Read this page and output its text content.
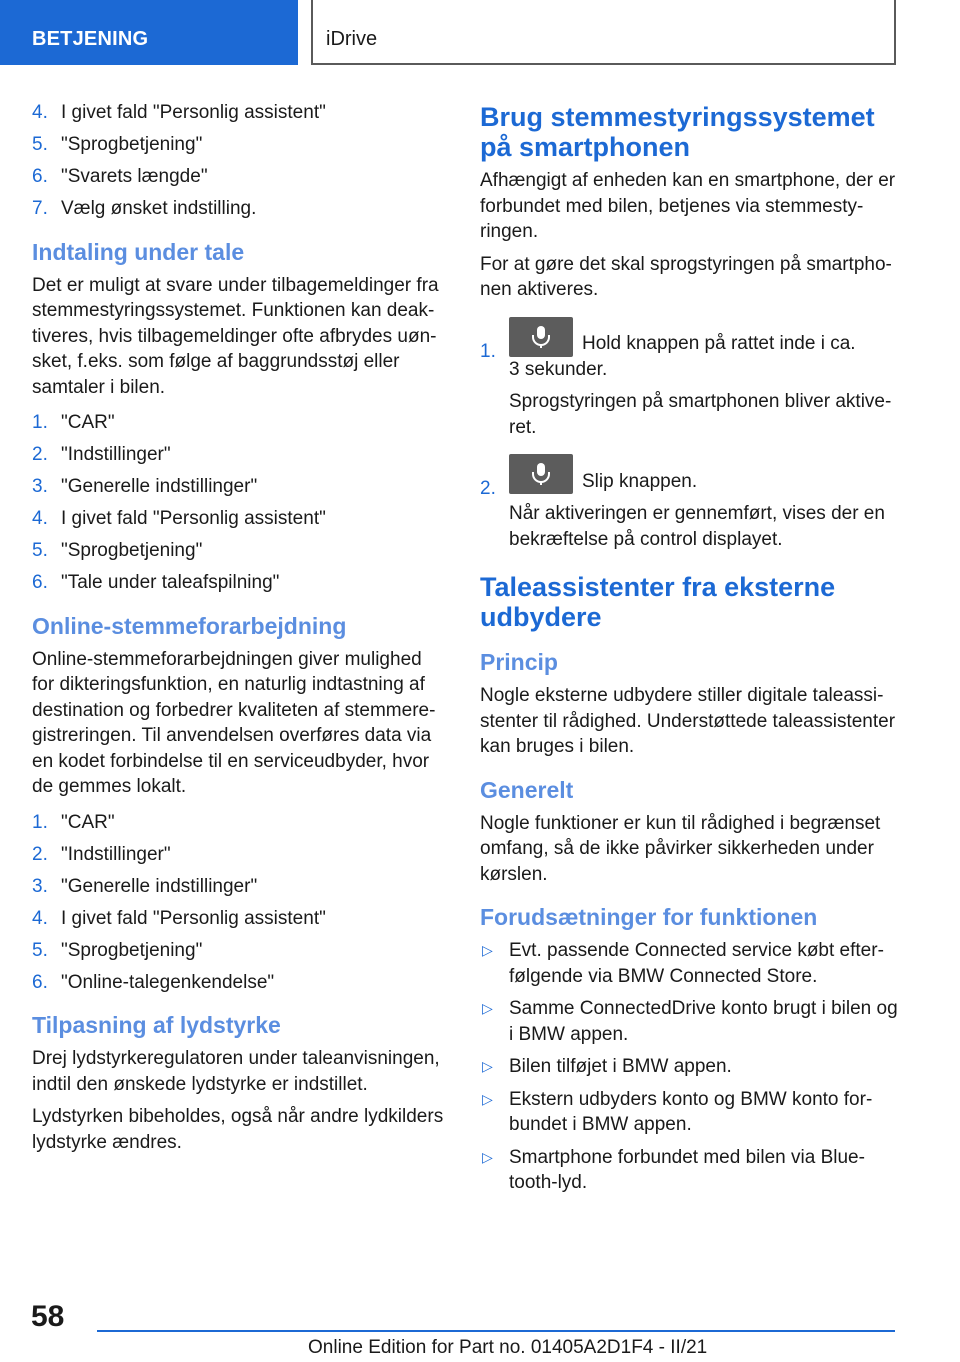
BETJENING	iDrive
4. I givet fald "Personlig assistent"
5. "Sprogbetjening"
6. "Svarets længde"
7. Vælg ønsket indstilling.
Indtaling under tale

Det er muligt at svare under tilbagemeldinger fra stemmestyringssystemet. Funktionen kan deaktiveres, hvis tilbagemeldinger ofte afbrydes uønsket, f.eks. som følge af baggrundsstøj eller samtaler i bilen.

1. "CAR"
2. "Indstillinger"
3. "Generelle indstillinger"
4. I givet fald "Personlig assistent"
5. "Sprogbetjening"
6. "Tale under taleafspilning"
Online-stemmeforarbejdning

Online-stemmeforarbejdningen giver mulighed for dikteringsfunktion, en naturlig indtastning af destination og forbedrer kvaliteten af stemmeregistreringen. Til anvendelsen overføres data via en kodet forbindelse til en serviceudbyder, hvor de gemmes lokalt.

1. "CAR"
2. "Indstillinger"
3. "Generelle indstillinger"
4. I givet fald "Personlig assistent"
5. "Sprogbetjening"
6. "Online-talegenkendelse"
Tilpasning af lydstyrke

Drej lydstyrkeregulatoren under taleanvisningen, indtil den ønskede lydstyrke er indstillet.

Lydstyrken bibeholdes, også når andre lydkilders lydstyrke ændres.

Brug stemmestyringssystemet på smartphonen

Afhængigt af enheden kan en smartphone, der er forbundet med bilen, betjenes via stemmestyringen.

For at gøre det skal sprogstyringen på smartphonen aktiveres.

1.	Hold knappen på rattet inde i ca.
3 sekunder.
Sprogstyringen på smartphonen bliver aktiveret.
2.	Slip knappen.
Når aktiveringen er gennemført, vises der en bekræftelse på control displayet.
Taleassistenter fra eksterne udbydere
Princip

Nogle eksterne udbydere stiller digitale taleassistenter til rådighed. Understøttede taleassistenter kan bruges i bilen.

Generelt

Nogle funktioner er kun til rådighed i begrænset omfang, så de ikke påvirker sikkerheden under kørslen.

Forudsætninger for funktionen
▷ Evt. passende Connected service købt efterfølgende via BMW Connected Store.
▷ Samme ConnectedDrive konto brugt i bilen og i BMW appen.
▷ Bilen tilføjet i BMW appen.
▷ Ekstern udbyders konto og BMW konto forbundet i BMW appen.
▷ Smartphone forbundet med bilen via Bluetooth-lyd.
58
Online Edition for Part no. 01405A2D1F4 - II/21
